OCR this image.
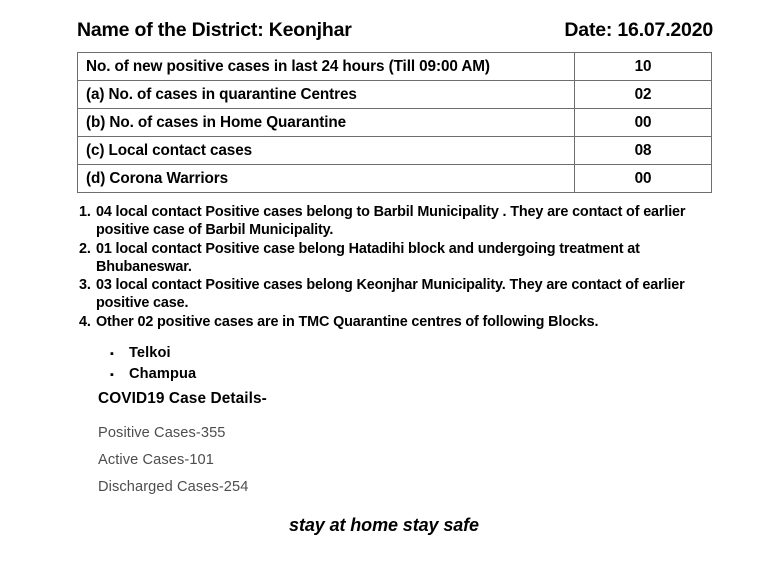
Name of the District: Keonjhar	Date: 16.07.2020
No. of new positive cases in last 24 hours (Till 09:00 AM)	10
(a) No. of cases in quarantine Centres	02
(b) No. of cases in Home Quarantine	00
(c) Local contact cases	08
(d) Corona Warriors	00
1. 04 local contact Positive cases belong to Barbil Municipality . They are contact of earlier positive case of Barbil Municipality.
2. 01 local contact Positive case belong Hatadihi block and undergoing treatment at Bhubaneswar.
3. 03 local contact Positive cases belong Keonjhar Municipality. They are contact of earlier positive case.
4. Other 02 positive cases are in TMC Quarantine centres of following Blocks.
▪	Telkoi
▪	Champua
COVID19 Case Details-
Positive Cases-355
Active Cases-101
Discharged Cases-254
stay at home stay safe
